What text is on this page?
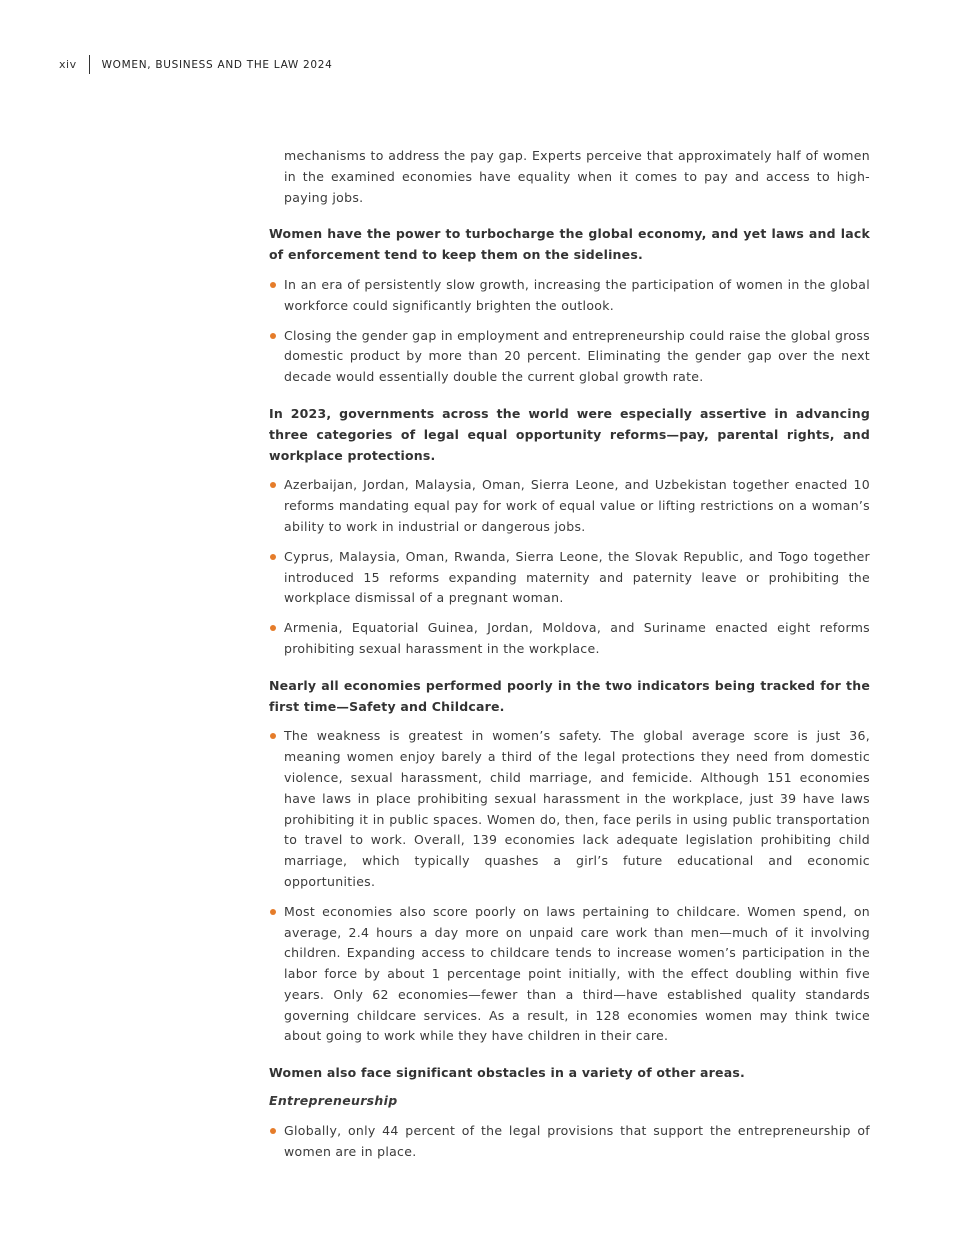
xiv WOMEN, BUSINESS AND THE LAW 2024

mechanisms to address the pay gap. Experts perceive that approximately half of women in the examined economies have equality when it comes to pay and access to high-paying jobs.

Women have the power to turbocharge the global economy, and yet laws and lack of enforcement tend to keep them on the sidelines.

In an era of persistently slow growth, increasing the participation of women in the global workforce could significantly brighten the outlook.
Closing the gender gap in employment and entrepreneurship could raise the global gross domestic product by more than 20 percent. Eliminating the gender gap over the next decade would essentially double the current global growth rate.

In 2023, governments across the world were especially assertive in advancing three categories of legal equal opportunity reforms—pay, parental rights, and workplace protections.

Azerbaijan, Jordan, Malaysia, Oman, Sierra Leone, and Uzbekistan together enacted 10 reforms mandating equal pay for work of equal value or lifting restrictions on a woman’s ability to work in industrial or dangerous jobs.
Cyprus, Malaysia, Oman, Rwanda, Sierra Leone, the Slovak Republic, and Togo together introduced 15 reforms expanding maternity and paternity leave or prohibiting the workplace dismissal of a pregnant woman.
Armenia, Equatorial Guinea, Jordan, Moldova, and Suriname enacted eight reforms prohibiting sexual harassment in the workplace.

Nearly all economies performed poorly in the two indicators being tracked for the first time—Safety and Childcare.

The weakness is greatest in women’s safety. The global average score is just 36, meaning women enjoy barely a third of the legal protections they need from domestic violence, sexual harassment, child marriage, and femicide. Although 151 economies have laws in place prohibiting sexual harassment in the workplace, just 39 have laws prohibiting it in public spaces. Women do, then, face perils in using public transportation to travel to work. Overall, 139 economies lack adequate legislation prohibiting child marriage, which typically quashes a girl’s future educational and economic opportunities.
Most economies also score poorly on laws pertaining to childcare. Women spend, on average, 2.4 hours a day more on unpaid care work than men—much of it involving children. Expanding access to childcare tends to increase women’s participation in the labor force by about 1 percentage point initially, with the effect doubling within five years. Only 62 economies—fewer than a third—have established quality standards governing childcare services. As a result, in 128 economies women may think twice about going to work while they have children in their care.

Women also face significant obstacles in a variety of other areas.

Entrepreneurship

Globally, only 44 percent of the legal provisions that support the entrepreneurship of women are in place.
